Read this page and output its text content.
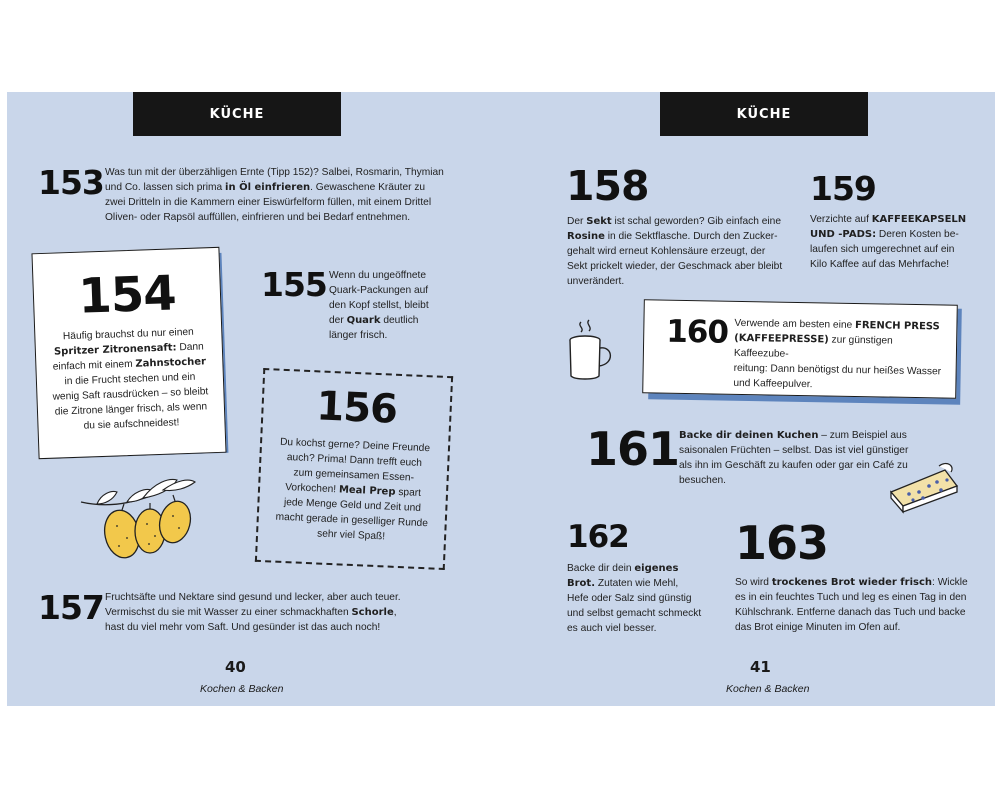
KÜCHE
153 Was tun mit der überzähligen Ernte (Tipp 152)? Salbei, Rosmarin, Thymian
und Co. lassen sich prima in Öl einfrieren. Gewaschene Kräuter zu
zwei Dritteln in die Kammern einer Eiswürfelform füllen, mit einem Drittel
Oliven- oder Rapsöl auffüllen, einfrieren und bei Bedarf entnehmen.
154
Häufig brauchst du nur einen
Spritzer Zitronensaft: Dann
einfach mit einem Zahnstocher
in die Frucht stechen und ein
wenig Saft rausdrücken – so bleibt
die Zitrone länger frisch, als wenn
du sie aufschneidest!
155 Wenn du ungeöffnete
Quark-Packungen auf
den Kopf stellst, bleibt
der Quark deutlich
länger frisch.
156
Du kochst gerne? Deine Freunde
auch? Prima! Dann trefft euch
zum gemeinsamen Essen-
Vorkochen! Meal Prep spart
jede Menge Geld und Zeit und
macht gerade in geselliger Runde
sehr viel Spaß!
157 Fruchtsäfte und Nektare sind gesund und lecker, aber auch teuer.
Vermischst du sie mit Wasser zu einer schmackhaften Schorle,
hast du viel mehr vom Saft. Und gesünder ist das auch noch!
40
Kochen & Backen
KÜCHE
158
Der Sekt ist schal geworden? Gib einfach eine
Rosine in die Sektflasche. Durch den Zucker-
gehalt wird erneut Kohlensäure erzeugt, der
Sekt prickelt wieder, der Geschmack aber bleibt
unverändert.
159
Verzichte auf KAFFEEKAPSELN
UND -PADS: Deren Kosten be-
laufen sich umgerechnet auf ein
Kilo Kaffee auf das Mehrfache!
160 Verwende am besten eine FRENCH PRESS
(KAFFEEPRESSE) zur günstigen Kaffeezube-
reitung: Dann benötigst du nur heißes Wasser
und Kaffeepulver.
161 Backe dir deinen Kuchen – zum Beispiel aus
saisonalen Früchten – selbst. Das ist viel günstiger
als ihn im Geschäft zu kaufen oder gar ein Café zu
besuchen.
162
Backe dir dein eigenes
Brot. Zutaten wie Mehl,
Hefe oder Salz sind günstig
und selbst gemacht schmeckt
es auch viel besser.
163
So wird trockenes Brot wieder frisch: Wickle
es in ein feuchtes Tuch und leg es einen Tag in den
Kühlschrank. Entferne danach das Tuch und backe
das Brot einige Minuten im Ofen auf.
41
Kochen & Backen
